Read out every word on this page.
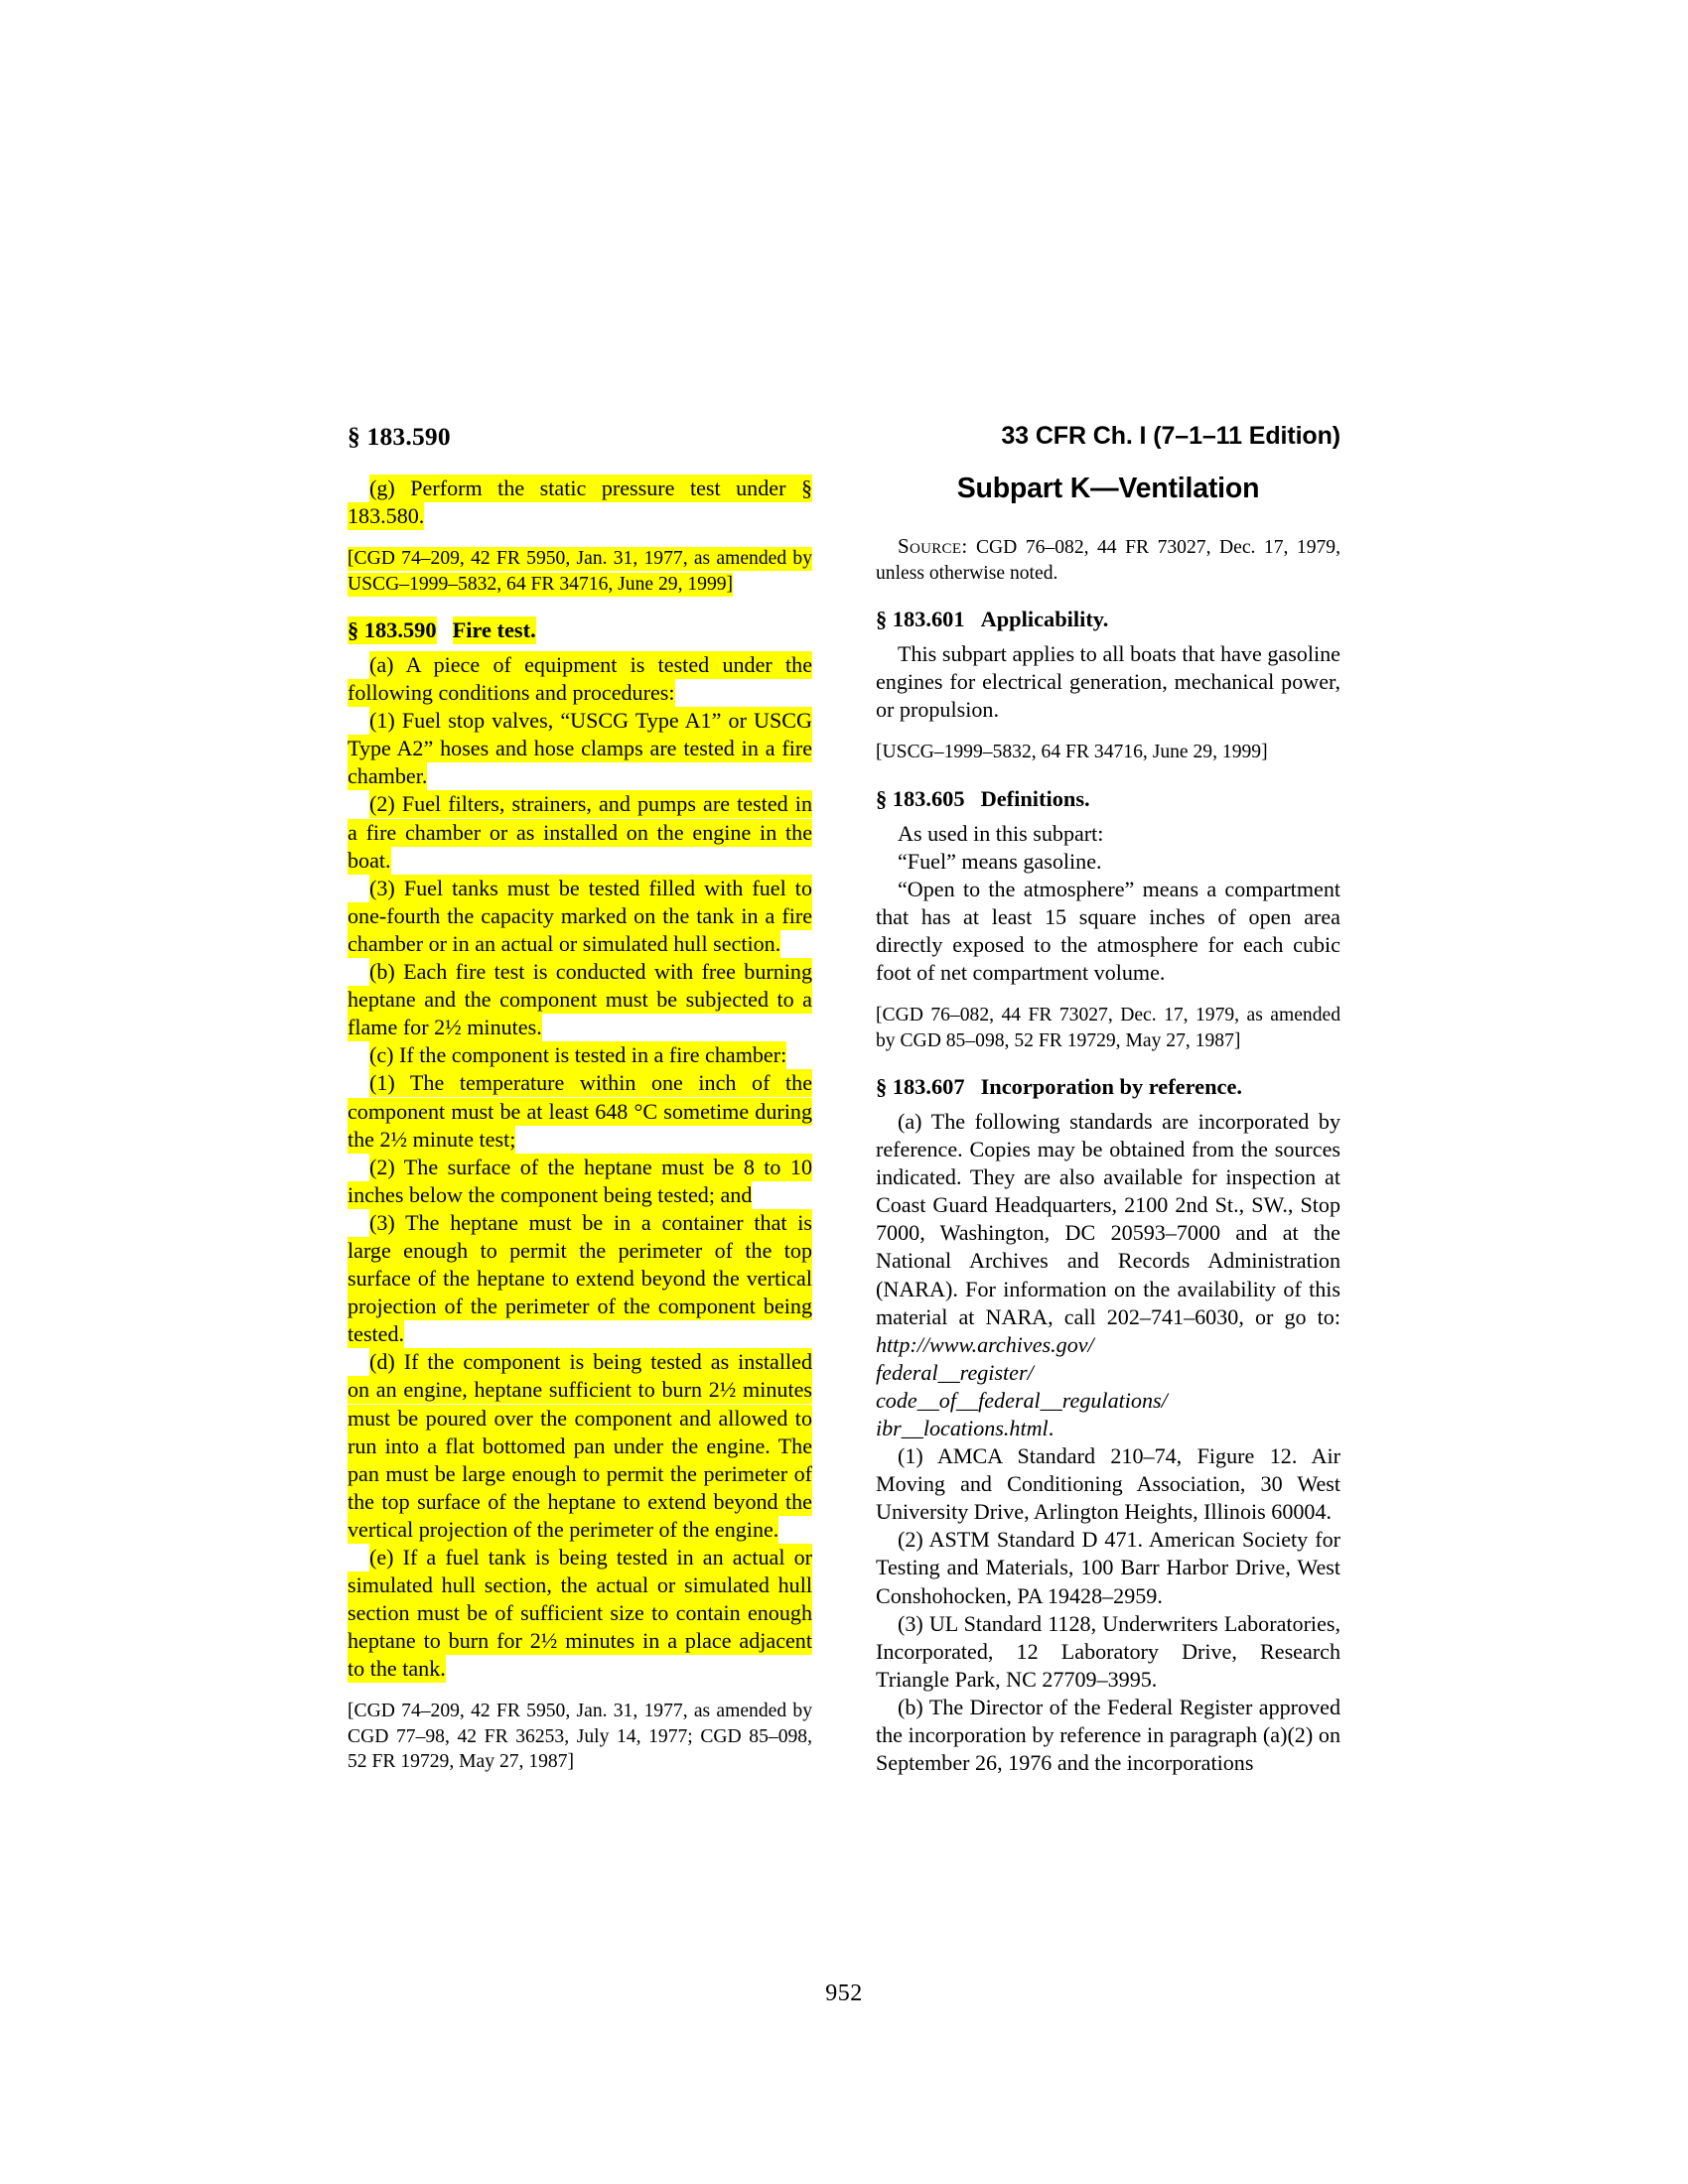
§ 183.590	33 CFR Ch. I (7–1–11 Edition)

(g) Perform the static pressure test under § 183.580.

[CGD 74–209, 42 FR 5950, Jan. 31, 1977, as amended by USCG–1999–5832, 64 FR 34716, June 29, 1999]

§ 183.590 Fire test.

(a) A piece of equipment is tested under the following conditions and procedures:

(1) Fuel stop valves, “USCG Type A1” or USCG Type A2” hoses and hose clamps are tested in a fire chamber.

(2) Fuel filters, strainers, and pumps are tested in a fire chamber or as installed on the engine in the boat.

(3) Fuel tanks must be tested filled with fuel to one-fourth the capacity marked on the tank in a fire chamber or in an actual or simulated hull section.

(b) Each fire test is conducted with free burning heptane and the component must be subjected to a flame for 2½ minutes.

(c) If the component is tested in a fire chamber:

(1) The temperature within one inch of the component must be at least 648 °C sometime during the 2½ minute test;

(2) The surface of the heptane must be 8 to 10 inches below the component being tested; and

(3) The heptane must be in a container that is large enough to permit the perimeter of the top surface of the heptane to extend beyond the vertical projection of the perimeter of the component being tested.

(d) If the component is being tested as installed on an engine, heptane sufficient to burn 2½ minutes must be poured over the component and allowed to run into a flat bottomed pan under the engine. The pan must be large enough to permit the perimeter of the top surface of the heptane to extend beyond the vertical projection of the perimeter of the engine.

(e) If a fuel tank is being tested in an actual or simulated hull section, the actual or simulated hull section must be of sufficient size to contain enough heptane to burn for 2½ minutes in a place adjacent to the tank.

[CGD 74–209, 42 FR 5950, Jan. 31, 1977, as amended by CGD 77–98, 42 FR 36253, July 14, 1977; CGD 85–098, 52 FR 19729, May 27, 1987]

Subpart K—Ventilation

Source: CGD 76–082, 44 FR 73027, Dec. 17, 1979, unless otherwise noted.

§ 183.601 Applicability.

This subpart applies to all boats that have gasoline engines for electrical generation, mechanical power, or propulsion.

[USCG–1999–5832, 64 FR 34716, June 29, 1999]

§ 183.605 Definitions.

As used in this subpart:

“Fuel” means gasoline.

“Open to the atmosphere” means a compartment that has at least 15 square inches of open area directly exposed to the atmosphere for each cubic foot of net compartment volume.

[CGD 76–082, 44 FR 73027, Dec. 17, 1979, as amended by CGD 85–098, 52 FR 19729, May 27, 1987]

§ 183.607 Incorporation by reference.

(a) The following standards are incorporated by reference. Copies may be obtained from the sources indicated. They are also available for inspection at Coast Guard Headquarters, 2100 2nd St., SW., Stop 7000, Washington, DC 20593–7000 and at the National Archives and Records Administration (NARA). For information on the availability of this material at NARA, call 202–741–6030, or go to: http://www.archives.gov/

federal__register/

code__of__federal__regulations/

ibr__locations.html.

(1) AMCA Standard 210–74, Figure 12. Air Moving and Conditioning Association, 30 West University Drive, Arlington Heights, Illinois 60004.

(2) ASTM Standard D 471. American Society for Testing and Materials, 100 Barr Harbor Drive, West Conshohocken, PA 19428–2959.

(3) UL Standard 1128, Underwriters Laboratories, Incorporated, 12 Laboratory Drive, Research Triangle Park, NC 27709–3995.

(b) The Director of the Federal Register approved the incorporation by reference in paragraph (a)(2) on September 26, 1976 and the incorporations

952
